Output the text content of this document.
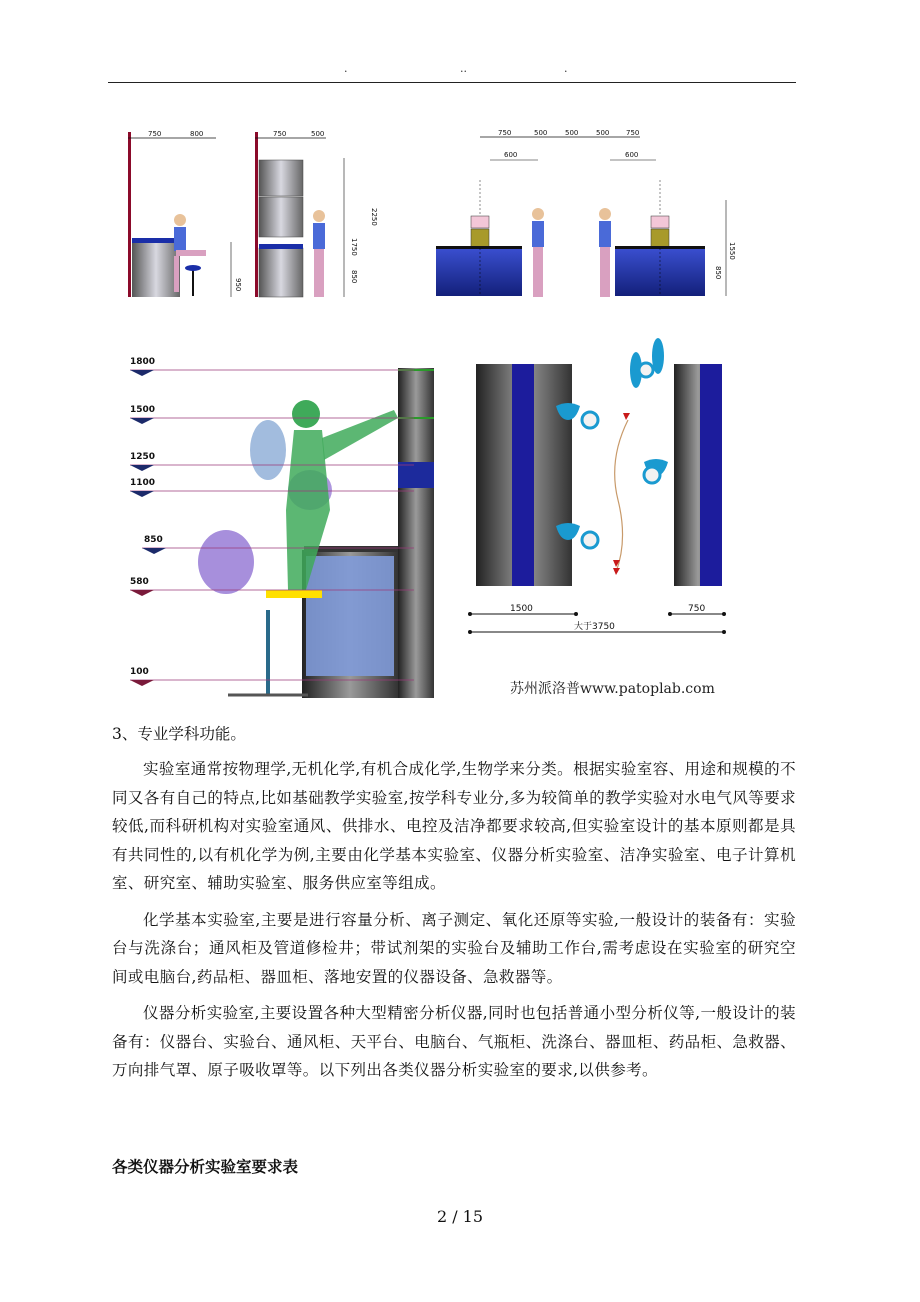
.	..	.
750	800
950
750	500
2250
1750
850
750	500	500	500 750
600	600
1550
850
1800
1500
1250
1100
850
580
100
1500	750
大于3750
苏州派洛普www.patoplab.com
3、专业学科功能。

实验室通常按物理学,无机化学,有机合成化学,生物学来分类。根据实验室容、用途和规模的不同又各有自己的特点,比如基础教学实验室,按学科专业分,多为较简单的教学实验对水电气风等要求较低,而科研机构对实验室通风、供排水、电控及洁净都要求较高,但实验室设计的基本原则都是具有共同性的,以有机化学为例,主要由化学基本实验室、仪器分析实验室、洁净实验室、电子计算机室、研究室、辅助实验室、服务供应室等组成。

化学基本实验室,主要是进行容量分析、离子测定、氧化还原等实验,一般设计的装备有：实验台与洗涤台；通风柜及管道修检井；带试剂架的实验台及辅助工作台,需考虑设在实验室的研究空间或电脑台,药品柜、器皿柜、落地安置的仪器设备、急救器等。

仪器分析实验室,主要设置各种大型精密分析仪器,同时也包括普通小型分析仪等,一般设计的装备有：仪器台、实验台、通风柜、天平台、电脑台、气瓶柜、洗涤台、器皿柜、药品柜、急救器、万向排气罩、原子吸收罩等。以下列出各类仪器分析实验室的要求,以供参考。

各类仪器分析实验室要求表
2 / 15
